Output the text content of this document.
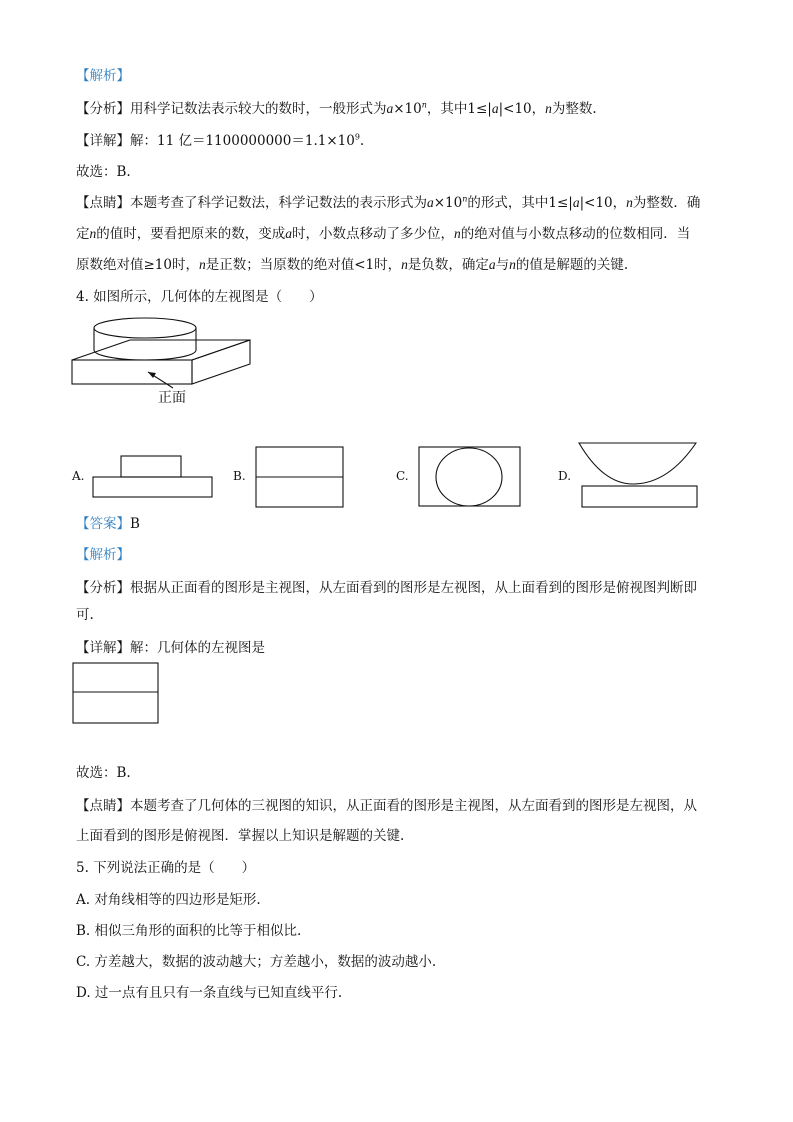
【解析】
【分析】用科学记数法表示较大的数时，一般形式为$a\times 10^n$，其中1≤|a|<10，n为整数.
【详解】解：11 亿$=1100000000=1.1\times 10^9$.
故选：B.
【点睛】本题考查了科学记数法，科学记数法的表示形式为$a\times 10^n$的形式，其中1≤|a|<10，n为整数．确
定n的值时，要看把原来的数，变成a时，小数点移动了多少位，n的绝对值与小数点移动的位数相同．当
原数绝对值≥10时，n是正数；当原数的绝对值<1时，n是负数，确定a与n的值是解题的关键.
4. 如图所示，几何体的左视图是（　　）
正面
A.	B.	C.	D.
【答案】B
【解析】
【分析】根据从正面看的图形是主视图，从左面看到的图形是左视图，从上面看到的图形是俯视图判断即
可.
【详解】解：几何体的左视图是
故选：B.
【点睛】本题考查了几何体的三视图的知识，从正面看的图形是主视图，从左面看到的图形是左视图，从
上面看到的图形是俯视图．掌握以上知识是解题的关键.
5. 下列说法正确的是（　　）
A. 对角线相等的四边形是矩形.
B. 相似三角形的面积的比等于相似比.
C. 方差越大，数据的波动越大；方差越小，数据的波动越小.
D. 过一点有且只有一条直线与已知直线平行.
